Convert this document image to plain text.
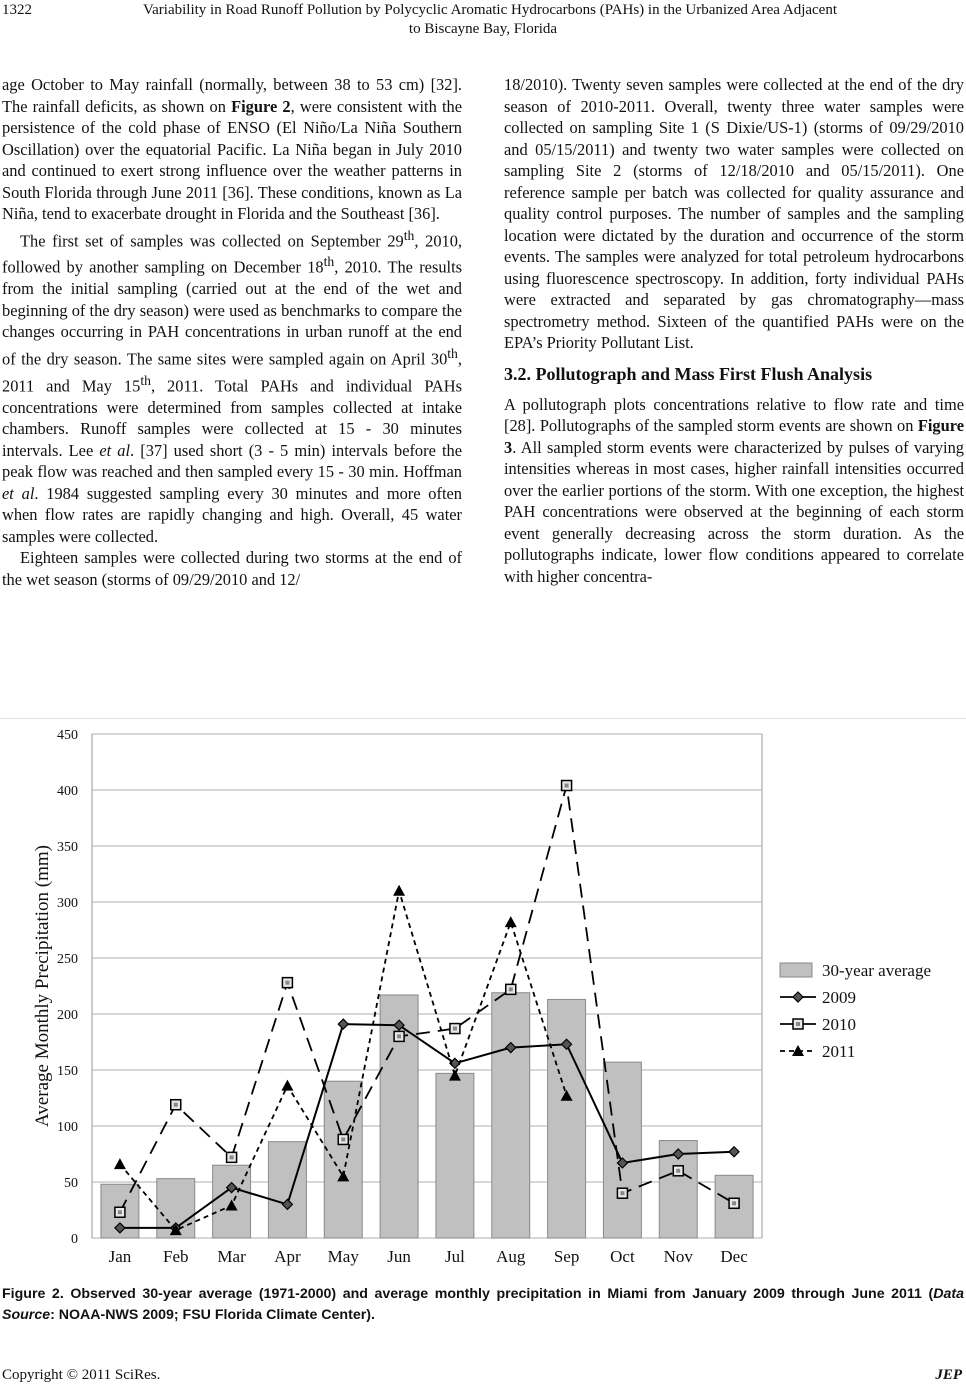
1322	Variability in Road Runoff Pollution by Polycyclic Aromatic Hydrocarbons (PAHs) in the Urbanized Area Adjacent
to Biscayne Bay, Florida

age October to May rainfall (normally, between 38 to 53 cm) [32]. The rainfall deficits, as shown on Figure 2, were consistent with the persistence of the cold phase of ENSO (El Niño/La Niña Southern Oscillation) over the equatorial Pacific. La Niña began in July 2010 and continued to exert strong influence over the weather patterns in South Florida through June 2011 [36]. These conditions, known as La Niña, tend to exacerbate drought in Florida and the Southeast [36].

The first set of samples was collected on September 29th, 2010, followed by another sampling on December 18th, 2010. The results from the initial sampling (carried out at the end of the wet and beginning of the dry season) were used as benchmarks to compare the changes occurring in PAH concentrations in urban runoff at the end of the dry season. The same sites were sampled again on April 30th, 2011 and May 15th, 2011. Total PAHs and individual PAHs concentrations were determined from samples collected at intake chambers. Runoff samples were collected at 15 - 30 minutes intervals. Lee et al. [37] used short (3 - 5 min) intervals before the peak flow was reached and then sampled every 15 - 30 min. Hoffman et al. 1984 suggested sampling every 30 minutes and more often when flow rates are rapidly changing and high. Overall, 45 water samples were collected.

Eighteen samples were collected during two storms at the end of the wet season (storms of 09/29/2010 and 12/

18/2010). Twenty seven samples were collected at the end of the dry season of 2010-2011. Overall, twenty three water samples were collected on sampling Site 1 (S Dixie/US-1) (storms of 09/29/2010 and 05/15/2011) and twenty two water samples were collected on sampling Site 2 (storms of 12/18/2010 and 05/15/2011). One reference sample per batch was collected for quality assurance and quality control purposes. The number of samples and the sampling location were dictated by the duration and occurrence of the storm events. The samples were analyzed for total petroleum hydrocarbons using fluorescence spectroscopy. In addition, forty individual PAHs were extracted and separated by gas chromatography—mass spectrometry method. Sixteen of the quantified PAHs were on the EPA’s Priority Pollutant List.

3.2. Pollutograph and Mass First Flush Analysis

A pollutograph plots concentrations relative to flow rate and time [28]. Pollutographs of the sampled storm events are shown on Figure 3. All sampled storm events were characterized by pulses of varying intensities whereas in most cases, higher rainfall intensities occurred over the earlier portions of the storm. With one exception, the highest PAH concentrations were observed at the beginning of each storm event generally decreasing across the storm duration. As the pollutographs indicate, lower flow conditions appeared to correlate with higher concentra-

0
50
100
150
200
250
300
350
400
450
Jan Feb Mar Apr May Jun Jul Aug Sep Oct Nov Dec
Average Monthly Precipitation (mm)	30-year average
2009
2010
2011
Figure 2. Observed 30-year average (1971-2000) and average monthly precipitation in Miami from January 2009 through June 2011 (Data Source: NOAA-NWS 2009; FSU Florida Climate Center).
Copyright © 2011 SciRes.	JEP
